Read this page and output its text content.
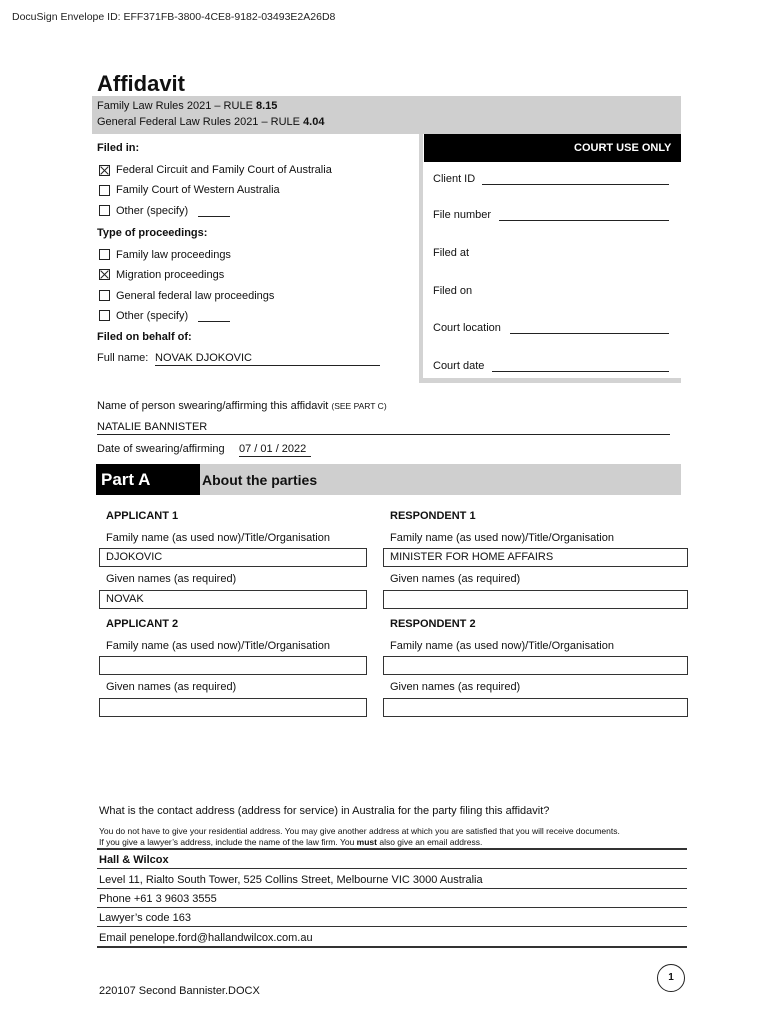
DocuSign Envelope ID: EFF371FB-3800-4CE8-9182-03493E2A26D8
Affidavit
Family Law Rules 2021 – RULE 8.15
General Federal Law Rules 2021 – RULE 4.04
COURT USE ONLY
Client ID
File number
Filed at
Filed on
Court location
Court date
Filed in:
Federal Circuit and Family Court of Australia
Family Court of Western Australia
Other (specify)
Type of proceedings:
Family law proceedings
Migration proceedings
General federal law proceedings
Other (specify)
Filed on behalf of:
Full name: NOVAK DJOKOVIC
Name of person swearing/affirming this affidavit (SEE PART C)
NATALIE BANNISTER
Date of swearing/affirming 07 / 01 / 2022
Part A	About the parties
APPLICANT 1
Family name (as used now)/Title/Organisation
DJOKOVIC
Given names (as required)
NOVAK
RESPONDENT 1
Family name (as used now)/Title/Organisation
MINISTER FOR HOME AFFAIRS
Given names (as required)
APPLICANT 2
Family name (as used now)/Title/Organisation
Given names (as required)
RESPONDENT 2
Family name (as used now)/Title/Organisation
Given names (as required)
What is the contact address (address for service) in Australia for the party filing this affidavit?
You do not have to give your residential address. You may give another address at which you are satisfied that you will receive documents.
If you give a lawyer’s address, include the name of the law firm. You must also give an email address.
Hall & Wilcox
Level 11, Rialto South Tower, 525 Collins Street, Melbourne VIC 3000 Australia
Phone +61 3 9603 3555
Lawyer’s code 163
Email penelope.ford@hallandwilcox.com.au
220107 Second Bannister.DOCX
1
